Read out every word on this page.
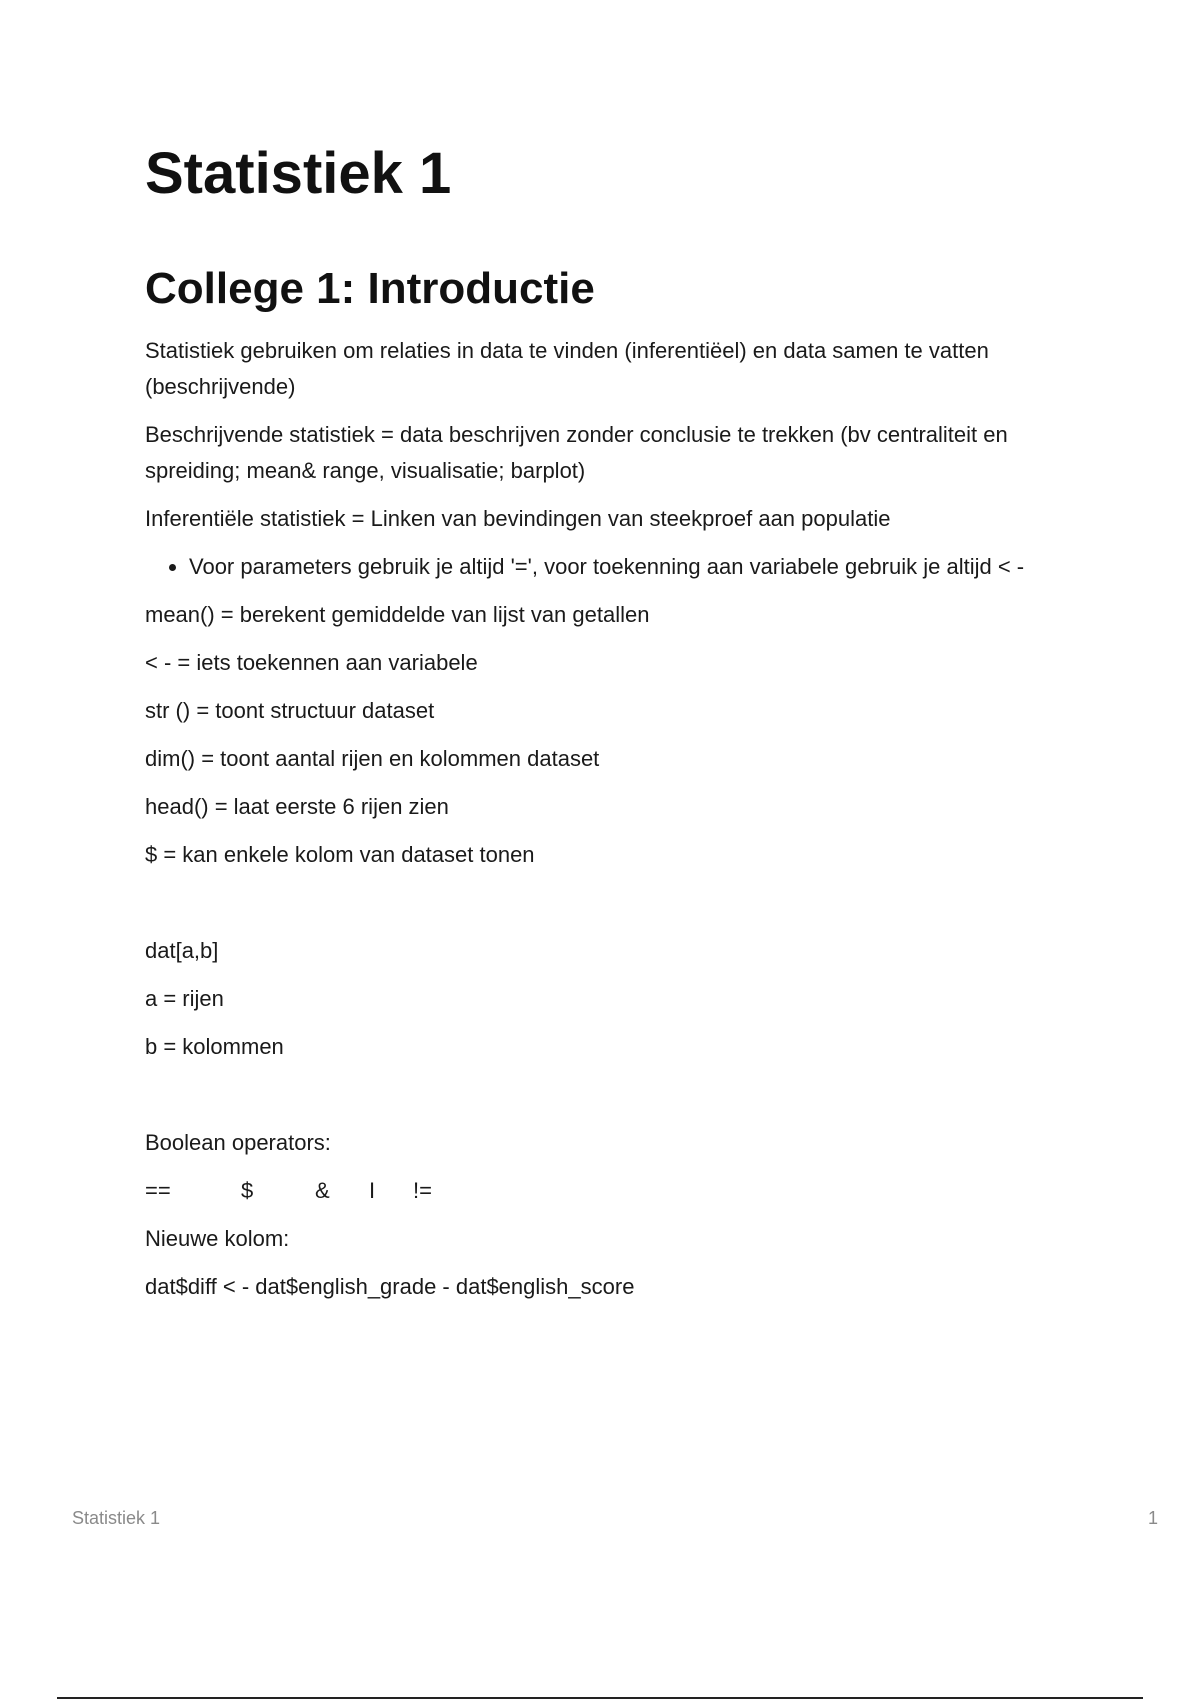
Statistiek 1
College 1: Introductie

Statistiek gebruiken om relaties in data te vinden (inferentiëel) en data samen te vatten (beschrijvende)

Beschrijvende statistiek = data beschrijven zonder conclusie te trekken (bv centraliteit en spreiding; mean& range, visualisatie; barplot)

Inferentiële statistiek = Linken van bevindingen van steekproef aan populatie

• Voor parameters gebruik je altijd '=', voor toekenning aan variabele gebruik je altijd < -

mean() = berekent gemiddelde van lijst van getallen

< - = iets toekennen aan variabele

str () = toont structuur dataset

dim() = toont aantal rijen en kolommen dataset

head() = laat eerste 6 rijen zien

$ = kan enkele kolom van dataset tonen

dat[a,b]

a = rijen

b = kolommen

Boolean operators:

==	$	& I !=

Nieuwe kolom:

dat$diff < - dat$english_grade - dat$english_score

Statistiek 1	1
